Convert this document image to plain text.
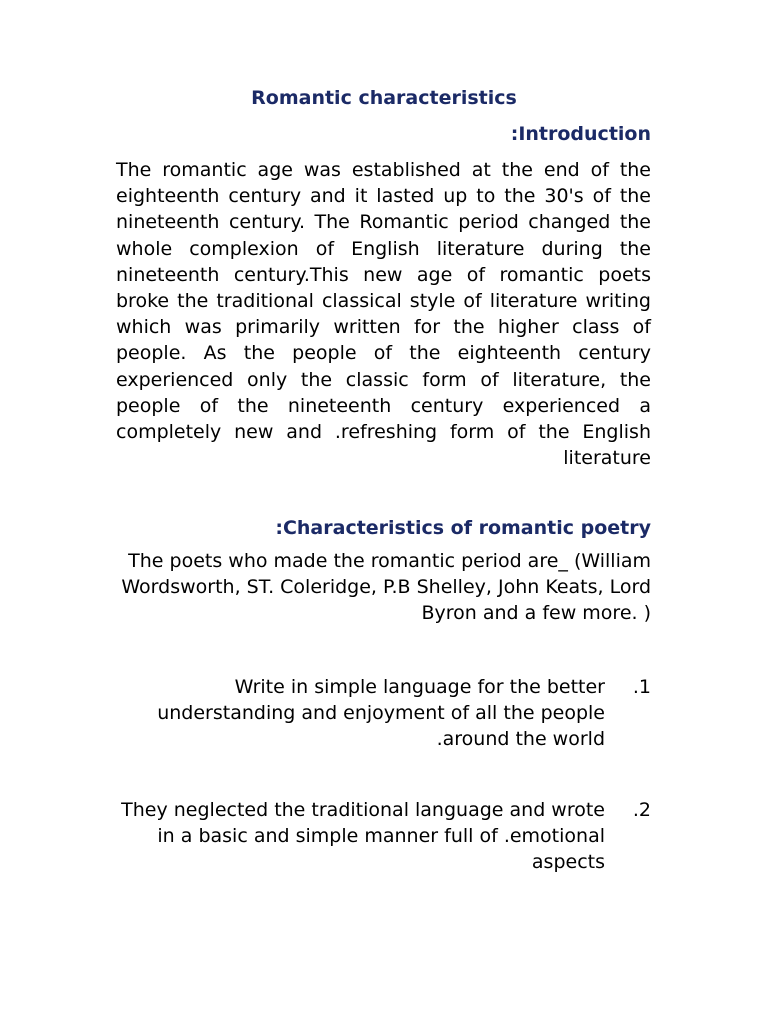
Romantic characteristics
:Introduction
The romantic age was established at the end of the eighteenth century and it lasted up to the 30's of the nineteenth century. The Romantic period changed the whole complexion of English literature during the nineteenth century.This new age of romantic poets broke the traditional classical style of literature writing which was primarily written for the higher class of people. As the people of the eighteenth century experienced only the classic form of literature, the people of the nineteenth century experienced a completely new and .refreshing form of the English literature
:Characteristics of romantic poetry
The poets who made the romantic period are_ (William Wordsworth, ST. Coleridge, P.B Shelley, John Keats, Lord Byron and a few more. )
Write in simple language for the better understanding and enjoyment of all the people .around the world
.1
They neglected the traditional language and wrote in a basic and simple manner full of .emotional aspects
.2
